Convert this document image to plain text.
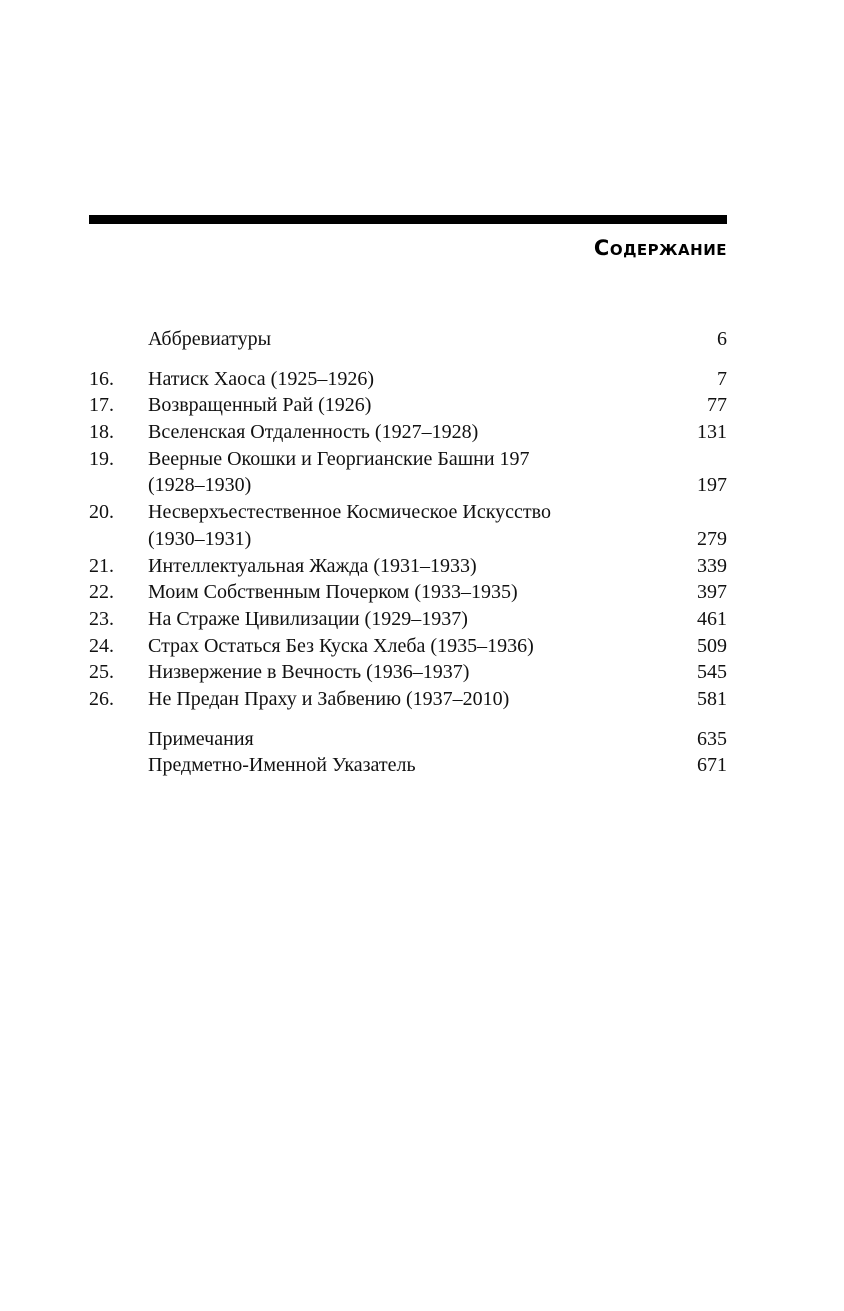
Содержание
Аббревиатуры	6
16. Натиск Хаоса (1925–1926)	7
17. Возвращенный Рай (1926)	77
18. Вселенская Отдаленность (1927–1928)	131
19. Веерные Окошки и Георгианские Башни 197
(1928–1930)	197
20. Несверхъестественное Космическое Искусство
(1930–1931)	279
21. Интеллектуальная Жажда (1931–1933)	339
22. Моим Собственным Почерком (1933–1935)	397
23. На Страже Цивилизации (1929–1937)	461
24. Страх Остаться Без Куска Хлеба (1935–1936)	509
25. Низвержение в Вечность (1936–1937)	545
26. Не Предан Праху и Забвению (1937–2010)	581
Примечания	635
Предметно-Именной Указатель	671
